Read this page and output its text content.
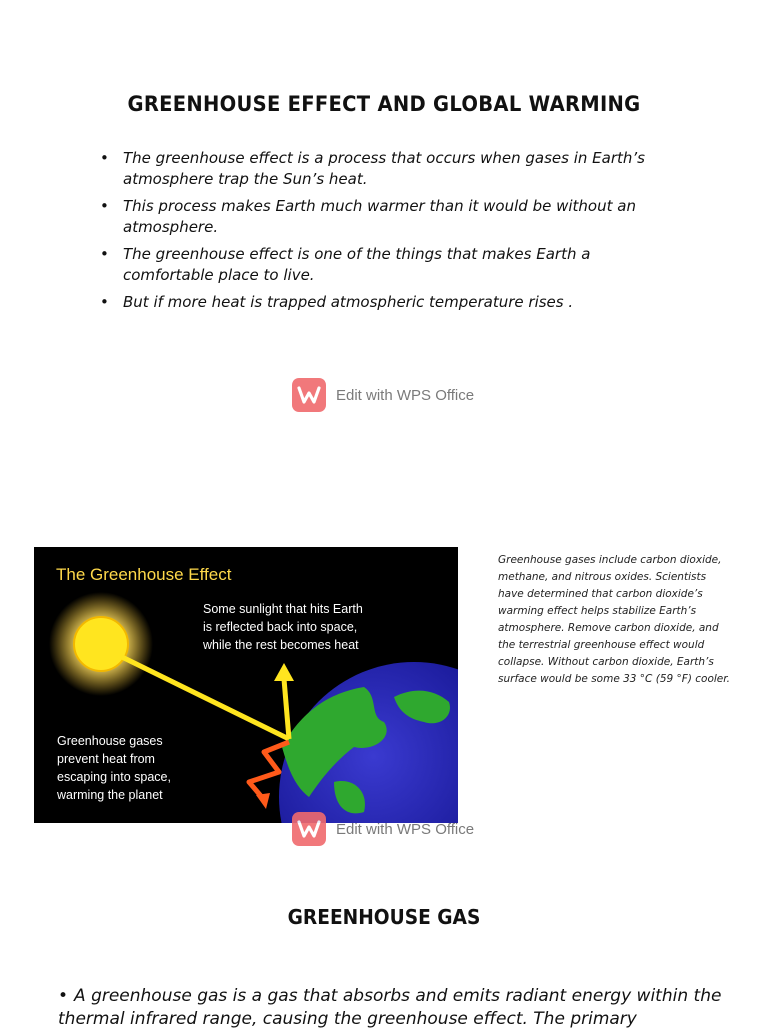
GREENHOUSE EFFECT AND GLOBAL WARMING
• The greenhouse effect is a process that occurs when gases in Earth’s atmosphere trap the Sun’s heat.
• This process makes Earth much warmer than it would be without an atmosphere.
• The greenhouse effect is one of the things that makes Earth a comfortable place to live.
• But if more heat is trapped atmospheric temperature rises .
Edit with WPS Office
The Greenhouse Effect
Some sunlight that hits Earth
is reflected back into space,
while the rest becomes heat
Greenhouse gases
prevent heat from
escaping into space,
warming the planet
Greenhouse gases include carbon dioxide, methane, and nitrous oxides. Scientists have determined that carbon dioxide’s warming effect helps stabilize Earth’s atmosphere. Remove carbon dioxide, and the terrestrial greenhouse effect would collapse. Without carbon dioxide, Earth’s surface would be some 33 °C (59 °F) cooler.
Edit with WPS Office
GREENHOUSE GAS
• A greenhouse gas is a gas that absorbs and emits radiant energy within the thermal infrared range, causing the greenhouse effect. The primary
